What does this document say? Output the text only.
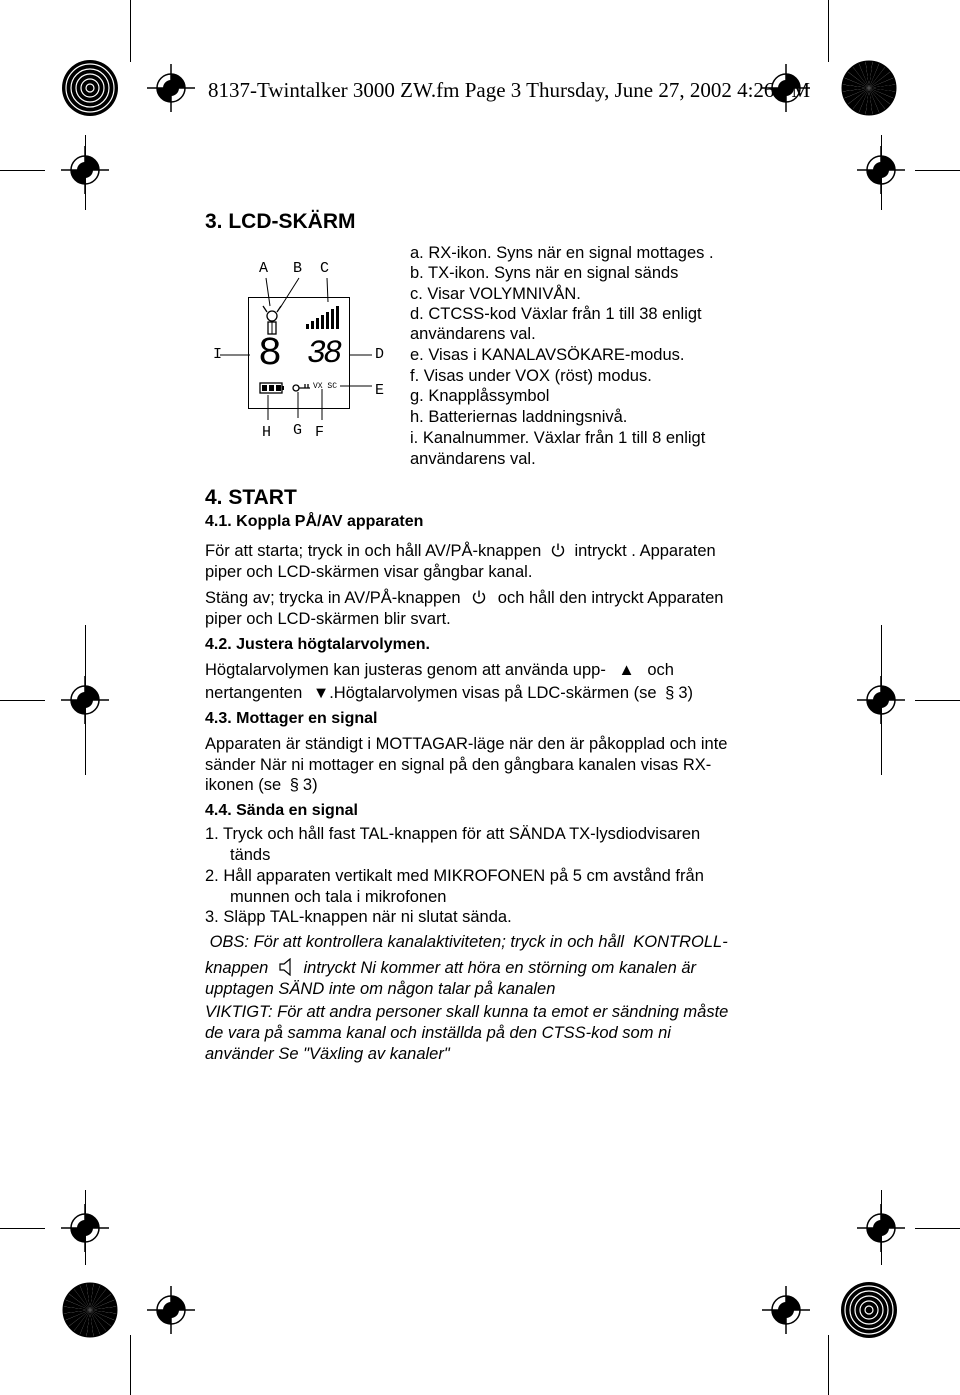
8137-Twintalker 3000 ZW.fm Page 3 Thursday, June 27, 2002 4:26 PM
3. LCD-SKÄRM
A B C
I	D
E
H G F
8 38
VX SC
a. RX-ikon. Syns när en signal mottages .
b. TX-ikon. Syns när en signal sänds
c. Visar VOLYMNIVÅN.
d. CTCSS-kod Växlar från 1 till 38 enligt
användarens val.
e. Visas i KANALAVSÖKARE-modus.
f. Visas under VOX (röst) modus.
g. Knapplåssymbol
h. Batteriernas laddningsnivå.
i. Kanalnummer. Växlar från 1 till 8 enligt
användarens val.
4. START
4.1. Koppla PÅ/AV apparaten
För att starta; tryck in och håll AV/PÅ-knappen intryckt . Apparaten
piper och LCD-skärmen visar gångbar kanal.
Stäng av; trycka in AV/PÅ-knappen och håll den intryckt Apparaten
piper och LCD-skärmen blir svart.
4.2. Justera högtalarvolymen.
Högtalarvolymen kan justeras genom att använda upp- ▲ och
nertangenten ▼.Högtalarvolymen visas på LDC-skärmen (se § 3)
4.3. Mottager en signal
Apparaten är ständigt i MOTTAGAR-läge när den är påkopplad och inte
sänder När ni mottager en signal på den gångbara kanalen visas RX-
ikonen (se § 3)
4.4. Sända en signal
1. Tryck och håll fast TAL-knappen för att SÄNDA TX-lysdiodvisaren
tänds
2. Håll apparaten vertikalt med MIKROFONEN på 5 cm avstånd från
munnen och tala i mikrofonen
3. Släpp TAL-knappen när ni slutat sända.
OBS: För att kontrollera kanalaktiviteten; tryck in och håll  KONTROLL-
knappen intryckt Ni kommer att höra en störning om kanalen är
upptagen SÄND inte om någon talar på kanalen
VIKTIGT: För att andra personer skall kunna ta emot er sändning måste
de vara på samma kanal och inställda på den CTSS-kod som ni
använder Se "Växling av kanaler"
